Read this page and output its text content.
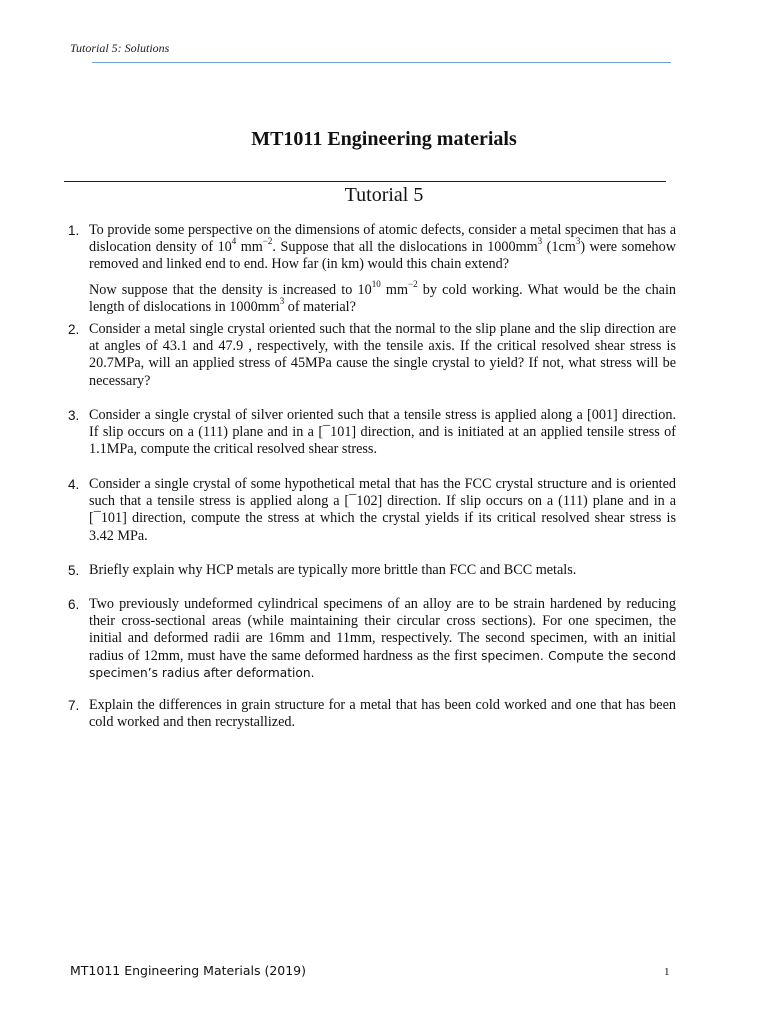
Tutorial 5: Solutions
MT1011 Engineering materials
Tutorial 5
1. To provide some perspective on the dimensions of atomic defects, consider a metal specimen that has a dislocation density of $10^4$ $mm^{-2}$. Suppose that all the dislocations in $1000mm^3$ $(1cm^3)$ were somehow removed and linked end to end. How far (in km) would this chain extend?

Now suppose that the density is increased to $10^{10}$ $mm^{-2}$ by cold working. What would be the chain length of dislocations in $1000mm^3$ of material?

2. Consider a metal single crystal oriented such that the normal to the slip plane and the slip direction are at angles of 43.1 and 47.9 , respectively, with the tensile axis. If the critical resolved shear stress is 20.7MPa, will an applied stress of 45MPa cause the single crystal to yield? If not, what stress will be necessary?
3. Consider a single crystal of silver oriented such that a tensile stress is applied along a [001] direction. If slip occurs on a (111) plane and in a [¯101] direction, and is initiated at an applied tensile stress of 1.1MPa, compute the critical resolved shear stress.
4. Consider a single crystal of some hypothetical metal that has the FCC crystal structure and is oriented such that a tensile stress is applied along a [¯102] direction. If slip occurs on a (111) plane and in a [¯101] direction, compute the stress at which the crystal yields if its critical resolved shear stress is 3.42 MPa.
5. Briefly explain why HCP metals are typically more brittle than FCC and BCC metals.
6. Two previously undeformed cylindrical specimens of an alloy are to be strain hardened by reducing their cross-sectional areas (while maintaining their circular cross sections). For one specimen, the initial and deformed radii are 16mm and 11mm, respectively. The second specimen, with an initial radius of 12mm, must have the same deformed hardness as the first specimen. Compute the second specimen’s radius after deformation.
7. Explain the differences in grain structure for a metal that has been cold worked and one that has been cold worked and then recrystallized.
MT1011 Engineering Materials (2019)	1
